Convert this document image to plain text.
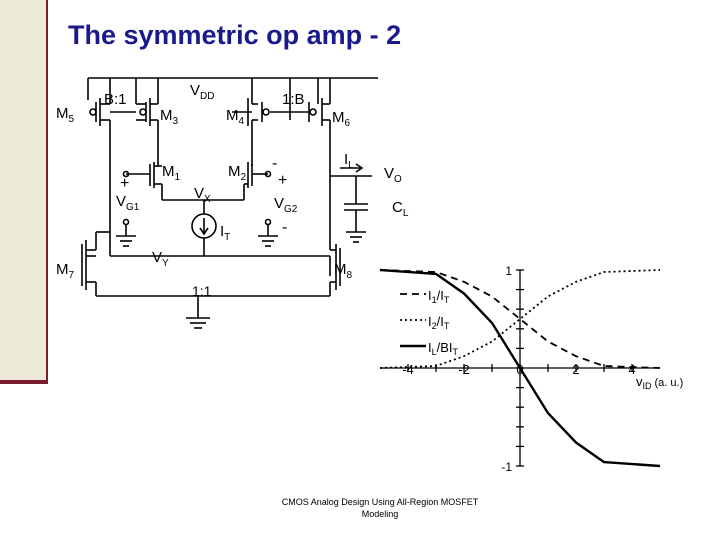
The symmetric op amp - 2
$V_{DD}$
B:1	1:B
$M_5$	$M_3$	$M_4$	$M_6$
$M_1$	$M_2$
+
$V_{G1}$
-
+
$V_{G2}$
-
$V_X$
$I_T$
$V_Y$
$I_L$ $V_O$
$C_L$
$M_7$	$M_8$
1:1
-4	-2	0	2	4
1
-1
$v_{ID}$ $^{(a. u.)}$
$I_1/I_T$
$I_2/I_T$
$I_L/BI_T$
CMOS Analog Design Using All-Region MOSFET
Modeling
